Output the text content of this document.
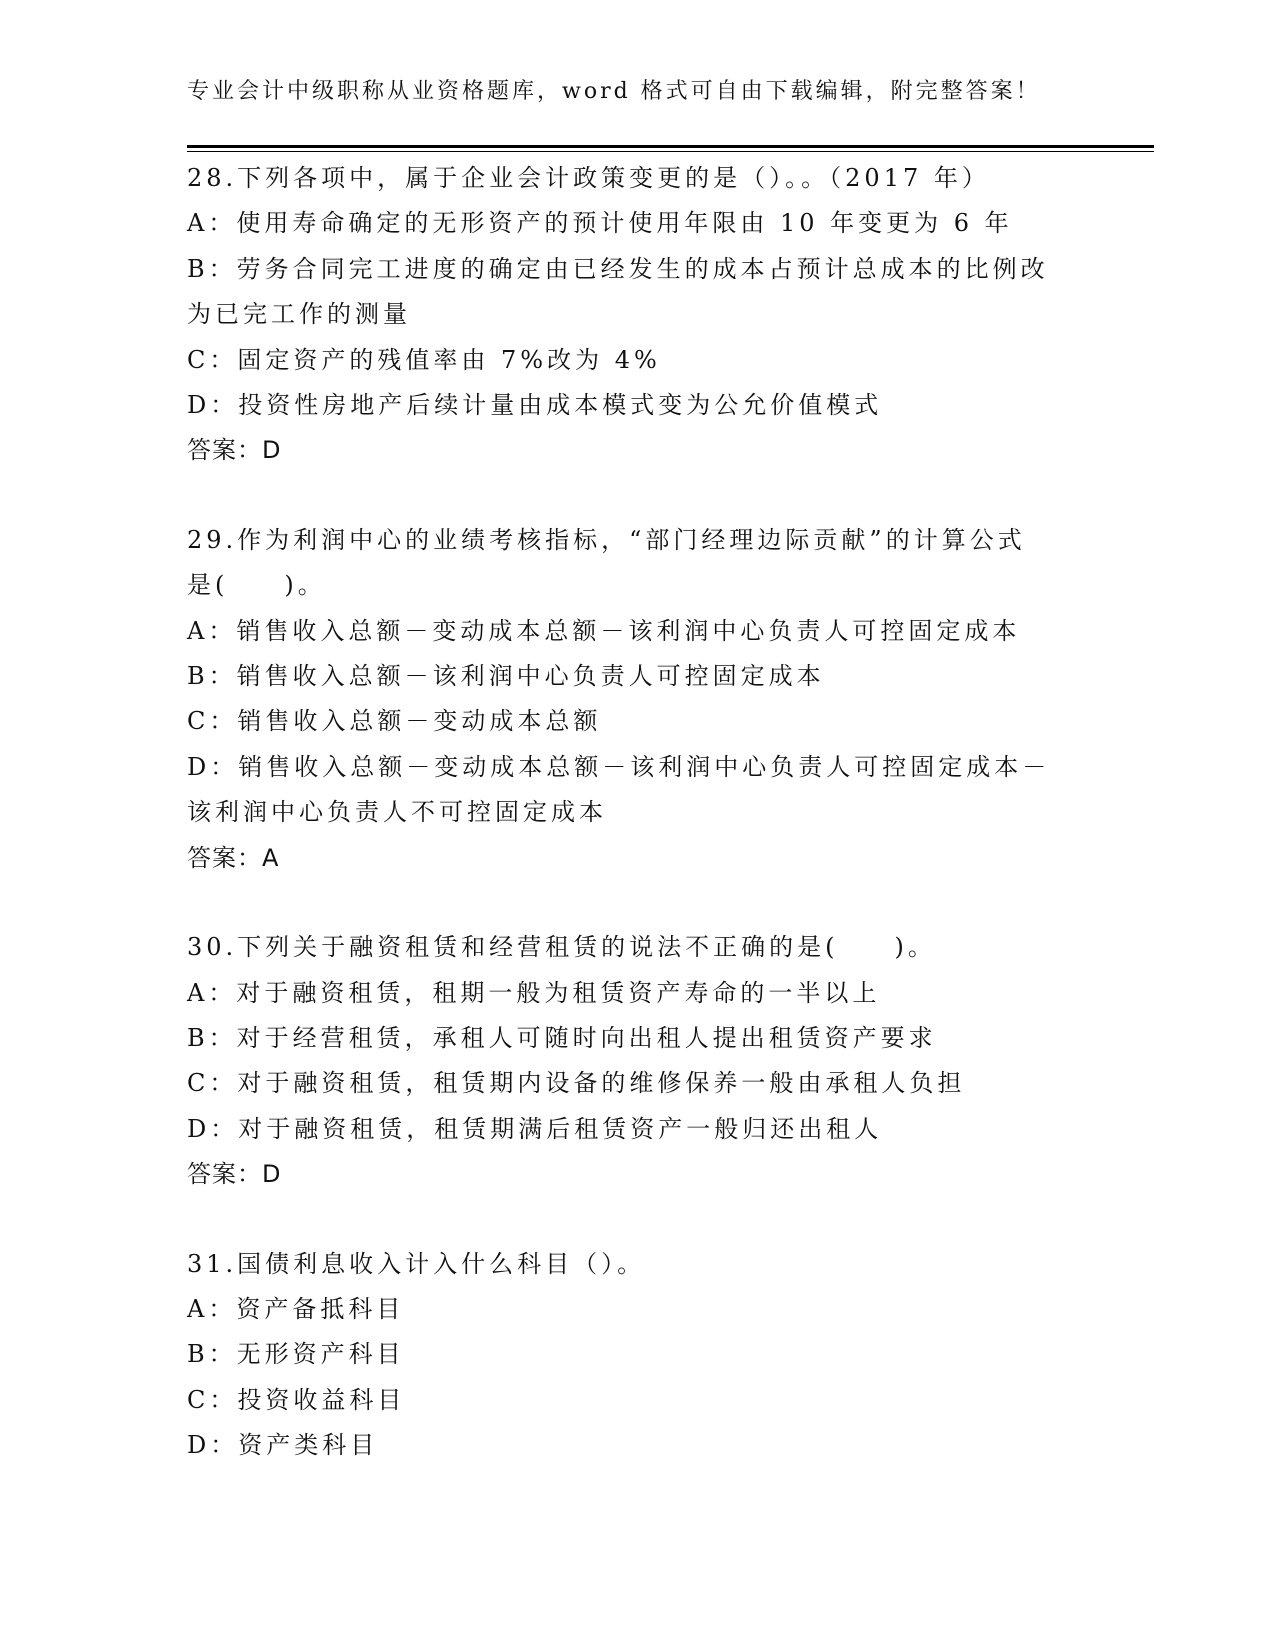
专业会计中级职称从业资格题库，word 格式可自由下载编辑，附完整答案！

28.下列各项中，属于企业会计政策变更的是（）。。（2017 年）

A：使用寿命确定的无形资产的预计使用年限由 10 年变更为 6 年

B：劳务合同完工进度的确定由已经发生的成本占预计总成本的比例改

为已完工作的测量

C：固定资产的残值率由 7%改为 4%

D：投资性房地产后续计量由成本模式变为公允价值模式

答案：D

29.作为利润中心的业绩考核指标，“部门经理边际贡献”的计算公式

是(　　)。

A：销售收入总额－变动成本总额－该利润中心负责人可控固定成本

B：销售收入总额－该利润中心负责人可控固定成本

C：销售收入总额－变动成本总额

D：销售收入总额－变动成本总额－该利润中心负责人可控固定成本－

该利润中心负责人不可控固定成本

答案：A

30.下列关于融资租赁和经营租赁的说法不正确的是(　　)。

A：对于融资租赁，租期一般为租赁资产寿命的一半以上

B：对于经营租赁，承租人可随时向出租人提出租赁资产要求

C：对于融资租赁，租赁期内设备的维修保养一般由承租人负担

D：对于融资租赁，租赁期满后租赁资产一般归还出租人

答案：D

31.国债利息收入计入什么科目（）。

A：资产备抵科目

B：无形资产科目

C：投资收益科目

D：资产类科目
